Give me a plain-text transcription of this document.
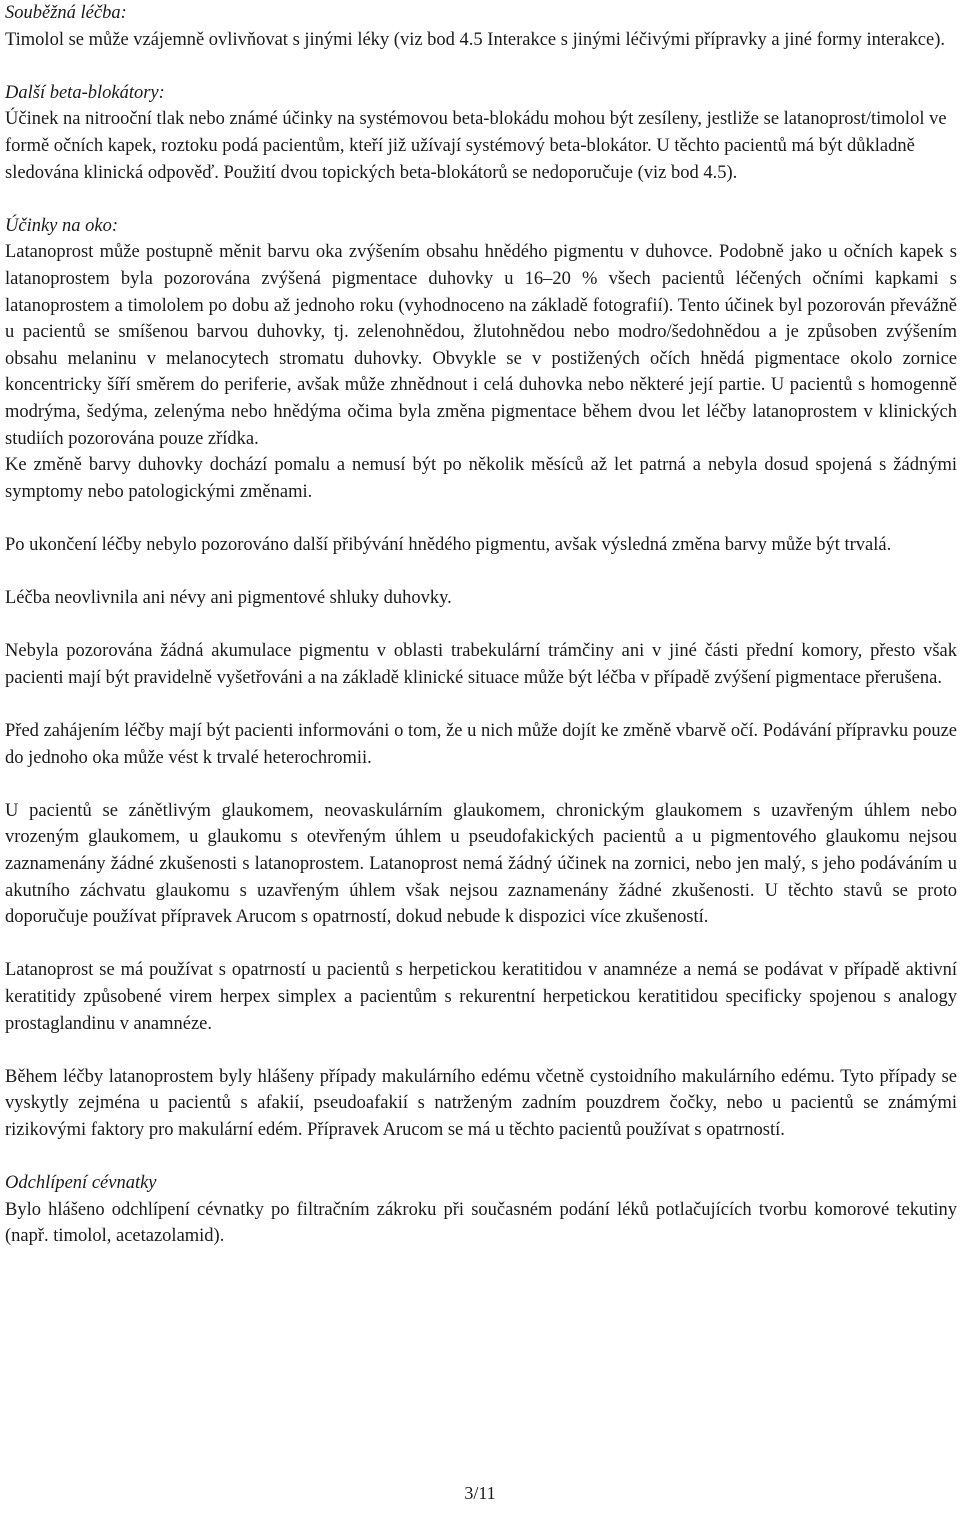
Souběžná léčba:

Timolol se může vzájemně ovlivňovat s jinými léky (viz bod 4.5 Interakce s jinými léčivými přípravky a jiné formy interakce).

Další beta-blokátory:

Účinek na nitrooční tlak nebo známé účinky na systémovou beta-blokádu mohou být zesíleny, jestliže se latanoprost/timolol ve formě očních kapek, roztoku podá pacientům, kteří již užívají systémový beta-blokátor. U těchto pacientů má být důkladně sledována klinická odpověď. Použití dvou topických beta-blokátorů se nedoporučuje (viz bod 4.5).

Účinky na oko:

Latanoprost může postupně měnit barvu oka zvýšením obsahu hnědého pigmentu v duhovce. Podobně jako u očních kapek s latanoprostem byla pozorována zvýšená pigmentace duhovky u 16–20 % všech pacientů léčených očními kapkami s latanoprostem a timololem po dobu až jednoho roku (vyhodnoceno na základě fotografií). Tento účinek byl pozorován převážně u pacientů se smíšenou barvou duhovky, tj. zelenohnědou, žlutohnědou nebo modro/šedohnědou a je způsoben zvýšením obsahu melaninu v melanocytech stromatu duhovky. Obvykle se v postižených očích hnědá pigmentace okolo zornice koncentricky šíří směrem do periferie, avšak může zhnědnout i celá duhovka nebo některé její partie. U pacientů s homogenně modrýma, šedýma, zelenýma nebo hnědýma očima byla změna pigmentace během dvou let léčby latanoprostem v klinických studiích pozorována pouze zřídka.

Ke změně barvy duhovky dochází pomalu a nemusí být po několik měsíců až let patrná a nebyla dosud spojená s žádnými symptomy nebo patologickými změnami.

Po ukončení léčby nebylo pozorováno další přibývání hnědého pigmentu, avšak výsledná změna barvy může být trvalá.

Léčba neovlivnila ani névy ani pigmentové shluky duhovky.

Nebyla pozorována žádná akumulace pigmentu v oblasti trabekulární trámčiny ani v jiné části přední komory, přesto však pacienti mají být pravidelně vyšetřováni a na základě klinické situace může být léčba v případě zvýšení pigmentace přerušena.

Před zahájením léčby mají být pacienti informováni o tom, že u nich může dojít ke změně vbarvě očí. Podávání přípravku pouze do jednoho oka může vést k trvalé heterochromii.

U pacientů se zánětlivým glaukomem, neovaskulárním glaukomem, chronickým glaukomem s uzavřeným úhlem nebo vrozeným glaukomem, u glaukomu s otevřeným úhlem u pseudofakických pacientů a u pigmentového glaukomu nejsou zaznamenány žádné zkušenosti s latanoprostem. Latanoprost nemá žádný účinek na zornici, nebo jen malý, s jeho podáváním u akutního záchvatu glaukomu s uzavřeným úhlem však nejsou zaznamenány žádné zkušenosti. U těchto stavů se proto doporučuje používat přípravek Arucom s opatrností, dokud nebude k dispozici více zkušeností.

Latanoprost se má používat s opatrností u pacientů s herpetickou keratitidou v anamnéze a nemá se podávat v případě aktivní keratitidy způsobené virem herpex simplex a pacientům s rekurentní herpetickou keratitidou specificky spojenou s analogy prostaglandinu v anamnéze.

Během léčby latanoprostem byly hlášeny případy makulárního edému včetně cystoidního makulárního edému. Tyto případy se vyskytly zejména u pacientů s afakií, pseudoafakií s natrženým zadním pouzdrem čočky, nebo u pacientů se známými rizikovými faktory pro makulární edém. Přípravek Arucom se má u těchto pacientů používat s opatrností.

Odchlípení cévnatky

Bylo hlášeno odchlípení cévnatky po filtračním zákroku při současném podání léků potlačujících tvorbu komorové tekutiny (např. timolol, acetazolamid).

3/11
